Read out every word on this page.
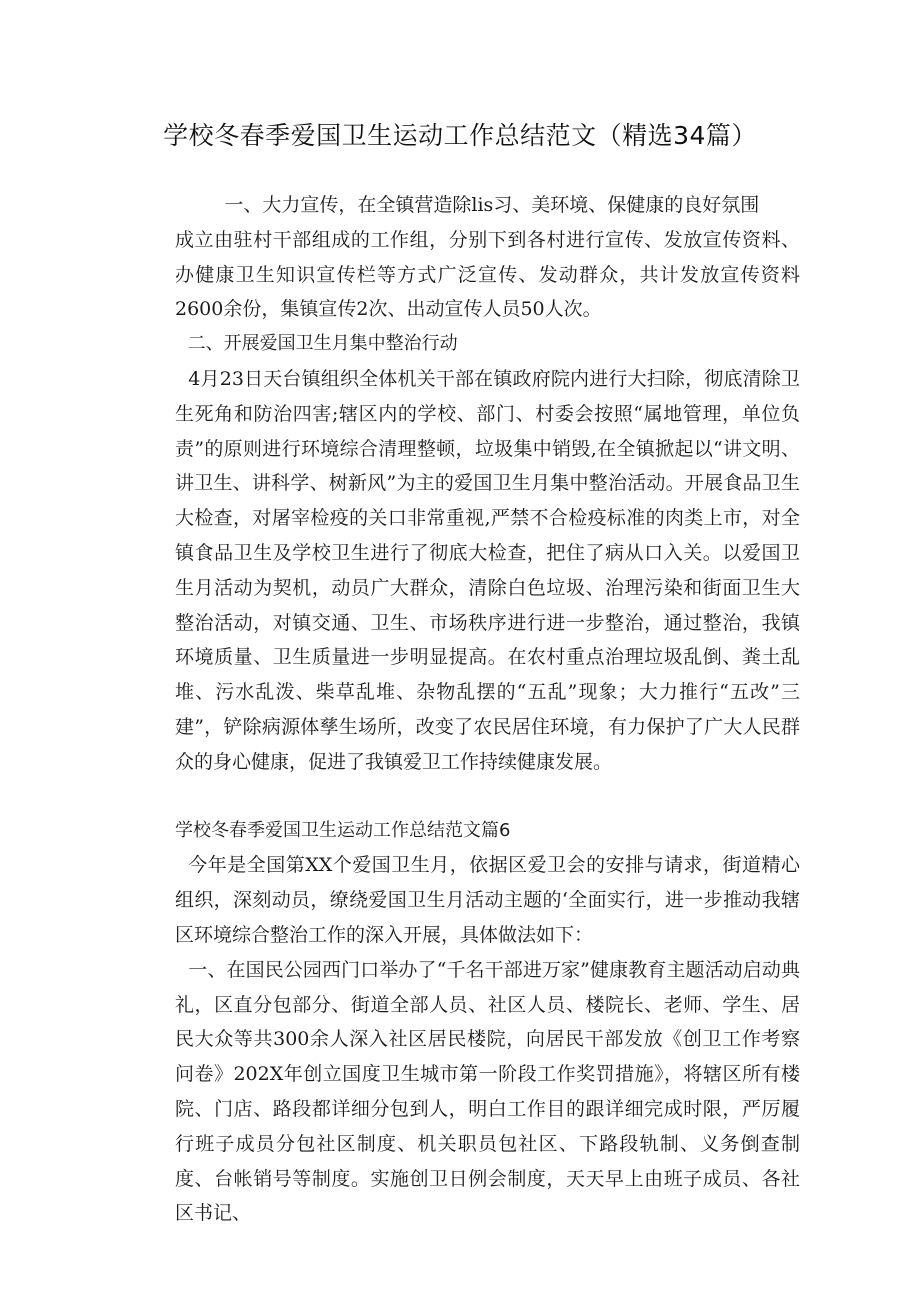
学校冬春季爱国卫生运动工作总结范文（精选34篇）

一、大力宣传，在全镇营造除lis习、美环境、保健康的良好氛围

成立由驻村干部组成的工作组，分别下到各村进行宣传、发放宣传资料、办健康卫生知识宣传栏等方式广泛宣传、发动群众，共计发放宣传资料2600余份，集镇宣传2次、出动宣传人员50人次。

二、开展爱国卫生月集中整治行动

4月23日天台镇组织全体机关干部在镇政府院内进行大扫除，彻底清除卫生死角和防治四害;辖区内的学校、部门、村委会按照“属地管理，单位负责”的原则进行环境综合清理整顿，垃圾集中销毁,在全镇掀起以“讲文明、讲卫生、讲科学、树新风”为主的爱国卫生月集中整治活动。开展食品卫生大检查，对屠宰检疫的关口非常重视,严禁不合检疫标准的肉类上市，对全镇食品卫生及学校卫生进行了彻底大检查，把住了病从口入关。以爱国卫生月活动为契机，动员广大群众，清除白色垃圾、治理污染和街面卫生大整治活动，对镇交通、卫生、市场秩序进行进一步整治，通过整治，我镇环境质量、卫生质量进一步明显提高。在农村重点治理垃圾乱倒、粪土乱堆、污水乱泼、柴草乱堆、杂物乱摆的“五乱”现象；大力推行“五改”三建”，铲除病源体孳生场所，改变了农民居住环境，有力保护了广大人民群众的身心健康，促进了我镇爱卫工作持续健康发展。

学校冬春季爱国卫生运动工作总结范文篇6

今年是全国第XX个爱国卫生月，依据区爱卫会的安排与请求，街道精心组织，深刻动员，缭绕爱国卫生月活动主题的‘全面实行，进一步推动我辖区环境综合整治工作的深入开展，具体做法如下：

一、在国民公园西门口举办了“千名干部进万家”健康教育主题活动启动典礼，区直分包部分、街道全部人员、社区人员、楼院长、老师、学生、居民大众等共300余人深入社区居民楼院，向居民干部发放《创卫工作考察问卷》202X年创立国度卫生城市第一阶段工作奖罚措施》，将辖区所有楼院、门店、路段都详细分包到人，明白工作目的跟详细完成时限，严厉履行班子成员分包社区制度、机关职员包社区、下路段轨制、义务倒查制度、台帐销号等制度。实施创卫日例会制度，天天早上由班子成员、各社区书记、
